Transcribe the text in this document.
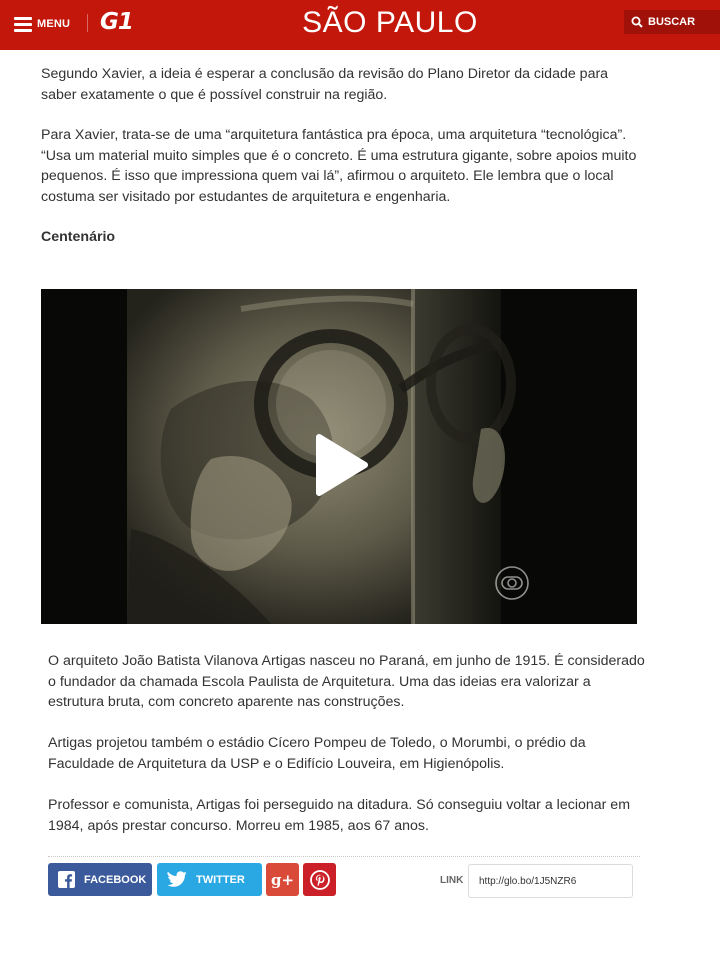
MENU G1	SÃO PAULO	BUSCAR

Segundo Xavier, a ideia é esperar a conclusão da revisão do Plano Diretor da cidade para saber exatamente o que é possível construir na região.

Para Xavier, trata-se de uma “arquitetura fantástica pra época, uma arquitetura “tecnológica”. “Usa um material muito simples que é o concreto. É uma estrutura gigante, sobre apoios muito pequenos. É isso que impressiona quem vai lá”, afirmou o arquiteto. Ele lembra que o local costuma ser visitado por estudantes de arquitetura e engenharia.

Centenário

O arquiteto João Batista Vilanova Artigas nasceu no Paraná, em junho de 1915. É considerado o fundador da chamada Escola Paulista de Arquitetura. Uma das ideias era valorizar a estrutura bruta, com concreto aparente nas construções.

Artigas projetou também o estádio Cícero Pompeu de Toledo, o Morumbi, o prédio da Faculdade de Arquitetura da USP e o Edifício Louveira, em Higienópolis.

Professor e comunista, Artigas foi perseguido na ditadura. Só conseguiu voltar a lecionar em 1984, após prestar concurso. Morreu em 1985, aos 67 anos.

FACEBOOK	TWITTER g+	LINK
http://glo.bo/1J5NZR6
